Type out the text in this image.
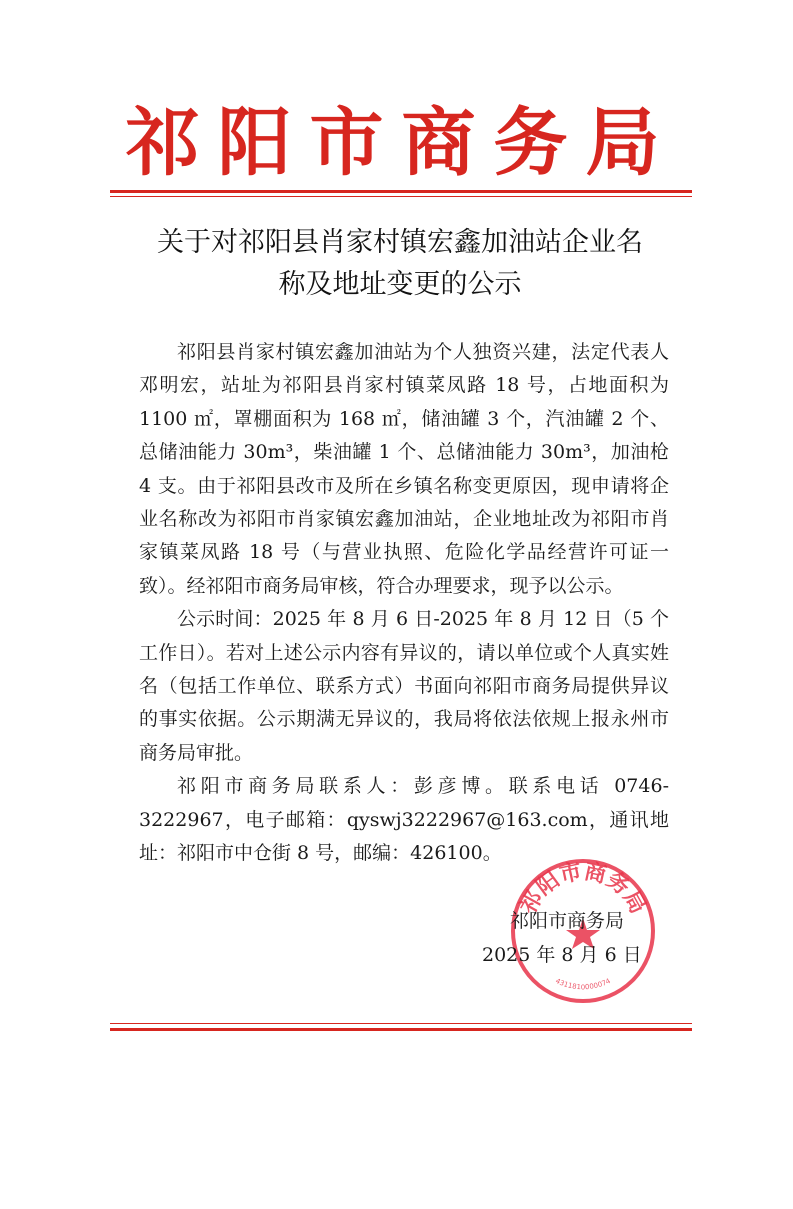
祁阳市商务局
关于对祁阳县肖家村镇宏鑫加油站企业名
称及地址变更的公示

祁阳县肖家村镇宏鑫加油站为个人独资兴建，法定代表人邓明宏，站址为祁阳县肖家村镇菜凤路 18 号，占地面积为 1100 ㎡，罩棚面积为 168 ㎡，储油罐 3 个，汽油罐 2 个、总储油能力 30m³，柴油罐 1 个、总储油能力 30m³，加油枪 4 支。由于祁阳县改市及所在乡镇名称变更原因，现申请将企业名称改为祁阳市肖家镇宏鑫加油站，企业地址改为祁阳市肖家镇菜凤路 18 号（与营业执照、危险化学品经营许可证一致）。经祁阳市商务局审核，符合办理要求，现予以公示。

公示时间：2025 年 8 月 6 日-2025 年 8 月 12 日（5 个工作日）。若对上述公示内容有异议的，请以单位或个人真实姓名（包括工作单位、联系方式）书面向祁阳市商务局提供异议的事实依据。公示期满无异议的，我局将依法依规上报永州市商务局审批。

祁阳市商务局联系人：彭彦博。联系电话 0746-3222967，电子邮箱：qyswj3222967@163.com，通讯地址：祁阳市中仓街 8 号，邮编：426100。

祁阳市商务局
4311810000074
祁阳市商务局
2025 年 8 月 6 日
